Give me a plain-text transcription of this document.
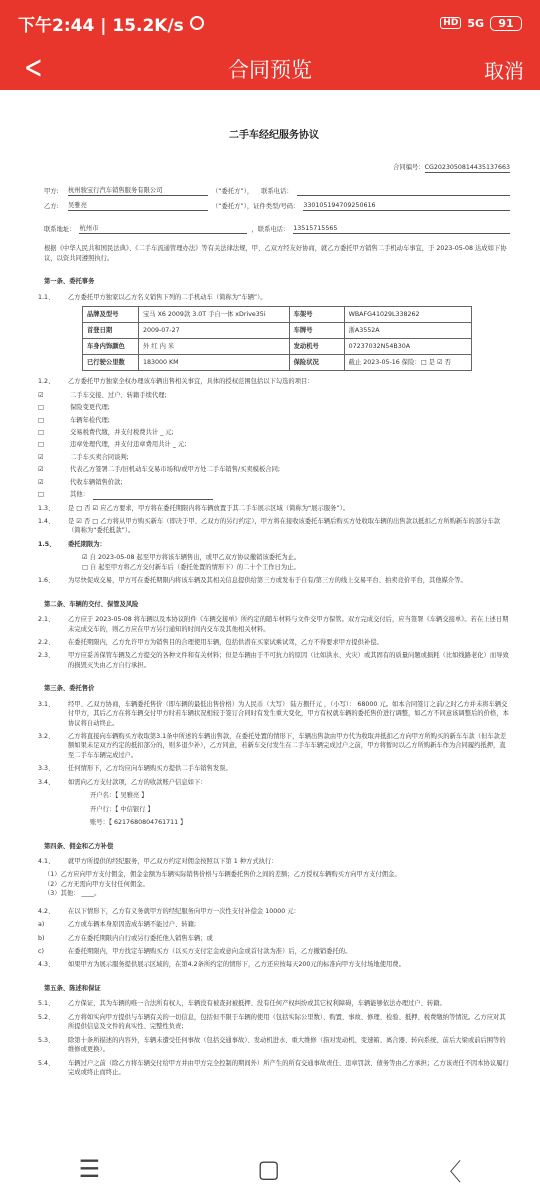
下午2:44 | 15.2K/s	HD 5G	91
<	合同预览	取消
二手车经纪服务协议
合同编号：CG2023050814435137663
甲方:	杭州骏宝行汽车销售服务有限公司	（“委托方”）， 联系电话：
乙方:	吴雅亮	（“委托方”），证件类型/号码： 330105194709250616
联系地址： 杭州市	，联系电话： 13515715565
根据《中华人民共和国民法典》、《二手车流通管理办法》等有关法律法规，甲、乙双方经友好协商，就乙方委托甲方销售二手机动车事宜，于 2023-05-08 达成如下协议，以资共同遵照执行。
第一条、委托事务
1.1、	乙方委托甲方独家以乙方名义销售下列的二手机动车（简称为“车辆”）。
品牌及型号	宝马 X6 2009款 3.0T 手自一体 xDrive35i	车架号	WBAFG41029L338262
首登日期	2009-07-27	车牌号	浙A3552A
车身内饰颜色	外 红 内 米	发动机号	07237032N54B30A
已行驶公里数	183000 KM	保险状况	截止 2023-05-16 保险：□ 是 ☑ 否
1.2、	乙方委托甲方独家全权办理该车辆出售相关事宜，具体的授权范围包括以下勾选的项目：
☑	二手车交接、过户、转籍手续代理;
□	保险变更代理;
□	车辆年检代理;
□	交易税费代缴，并支付税费共计 _ 元;
□	违章处理代理，并支付违章费用共计 _ 元;
☑	二手车买卖合同谈判;
☑	代表乙方签署二手/旧机动车交易市场和/或甲方处二手车销售/买卖模板合同;
☑	代收车辆销售价款;
□	其他：
1.3、	是 □ 否 ☑ 应乙方要求，甲方将在委托期限内将车辆放置于其二手车展示区域（简称为“展示服务”）。
1.4、	是 ☑ 否 □ 乙方将从甲方购买新车（即决于甲、乙双方的另行约定），甲方将在接收该委托车辆后购买方处收取车辆的出售款以抵扣乙方所购新车的部分车款（简称为“委托抵款”）。
1.5、	委托期限为：
☑ 自 2023-05-08 起至甲方将该车辆售出，或甲乙双方协议撤销该委托为止。
□ 自 起至甲方将乙方交付新车后（委托处置的情形下）的二十个工作日为止。
1.6、	为尽快促成交易，甲方可在委托期限内将该车辆及其相关信息提供给第三方或发布于自有/第三方的线上交易平台、拍卖竞价平台，其他媒介等。
第二条、车辆的交付、保管及风险
2.1、	乙方应于 2023-05-08 将车辆以及本协议附件《车辆交接单》所约定的随车材料与文件交甲方保管。双方完成交付后，应当签署《车辆交接单》。若在上述日期未完成交车的，则乙方应在甲方另行通知的时间内交车及其他相关材料。
2.2、	在委托期限内，乙方允许甲方为销售目的合理使用车辆，包括供潜在买家试乘试驾，乙方不得要求甲方提供补偿。
2.3、	甲方应妥善保管车辆及乙方提交的各种文件和有关材料；但是车辆由于不可抗力的原因（比如洪水、火灾）或其固有的质量问题或损耗（比如线路老化）而导致的损毁灭失由乙方自行承担。
第三条、委托售价
3.1、	经甲、乙双方协商，车辆委托售价（即车辆的最低出售价格）为人民币（大写） 陆万捌仟元 ，（小写）： 68000 元。如本合同签订之前/之时乙方并未将车辆交付甲方，其后乙方在将车辆交付甲方时若车辆状况相较于签订合同时有发生重大变化，甲方有权就车辆的委托售价进行调整，如乙方不同意该调整后的价格，本协议将自动终止。
3.2、	乙方将直接向车辆购买方收取第3.1条中所述的车辆出售款，在委托处置的情形下，车辆出售款由甲方代为收取并抵扣乙方向甲方所购买的新车车款（但车款差额如果未足双方约定的抵扣部分的，则多退少补），乙方同意，若新车交付发生在二手车车辆完成过户之前，甲方将暂时以乙方所购新车作为合同履约抵押，直至二手车车辆完成过户。
3.3、	任何情形下，乙方均应向车辆购买方提供二手车销售发票。
3.4、	如需向乙方支付款项，乙方的收款账户信息如下：
开户名：【 吴雅亮 】
开户行：【 中信银行 】
账号：【 6217680804761711 】
第四条、佣金和乙方补偿
4.1、	就甲方所提供的经纪服务，甲乙双方约定对佣金按照以下第 1 种方式执行：
（1）乙方应向甲方支付佣金，佣金金额为车辆实际销售价格与车辆委托售价之间的差额；乙方授权车辆购买方向甲方支付佣金。
（2）乙方无需向甲方支付任何佣金。
（3）其他： ____。
4.2、	在以下情形下，乙方有义务就甲方的经纪服务向甲方一次性支付补偿金 10000 元：
a)	乙方或车辆本身原因造成车辆不能过户、转籍;
b)	乙方在委托期限内自行或另行委托他人销售车辆；或
c)	在委托期限内，甲方找定车辆购买方（以买方支付定金或意向金或首付款为准）后，乙方撤销委托的。
4.3、	如果甲方为展示服务提供展示区域的，在第4.2条所约定的情形下，乙方还应按每天200元的标准向甲方支付场地使用费。
第五条、陈述和保证
5.1、	乙方保证，其为车辆的唯一合法所有权人，车辆没有被查封被抵押、没有任何产权纠纷或其它权利障碍，车辆能够依法办理过户、转籍。
5.2、	乙方将如实向甲方提供与车辆有关的一切信息，包括但不限于车辆的使用（包括实际公里数）、购置、事故、修理、检验、抵押、税费缴纳等情况。乙方应对其所提供信息及文件的真实性、完整性负责;
5.3、	除第十条所描述的内容外，车辆未遭受任何事故（包括交通事故）、发动机进水、重大维修（指对发动机、变速箱、离合器、转向系统、前后大梁或前后围等的维修或更换）。
5.4、	车辆过户之前（除乙方将车辆交付给甲方并由甲方完全控制的期间外）所产生的所有交通事故责任、违章罚款、债务等由乙方承担；乙方该责任不因本协议履行完成或终止而终止。
☰	▢	〈
